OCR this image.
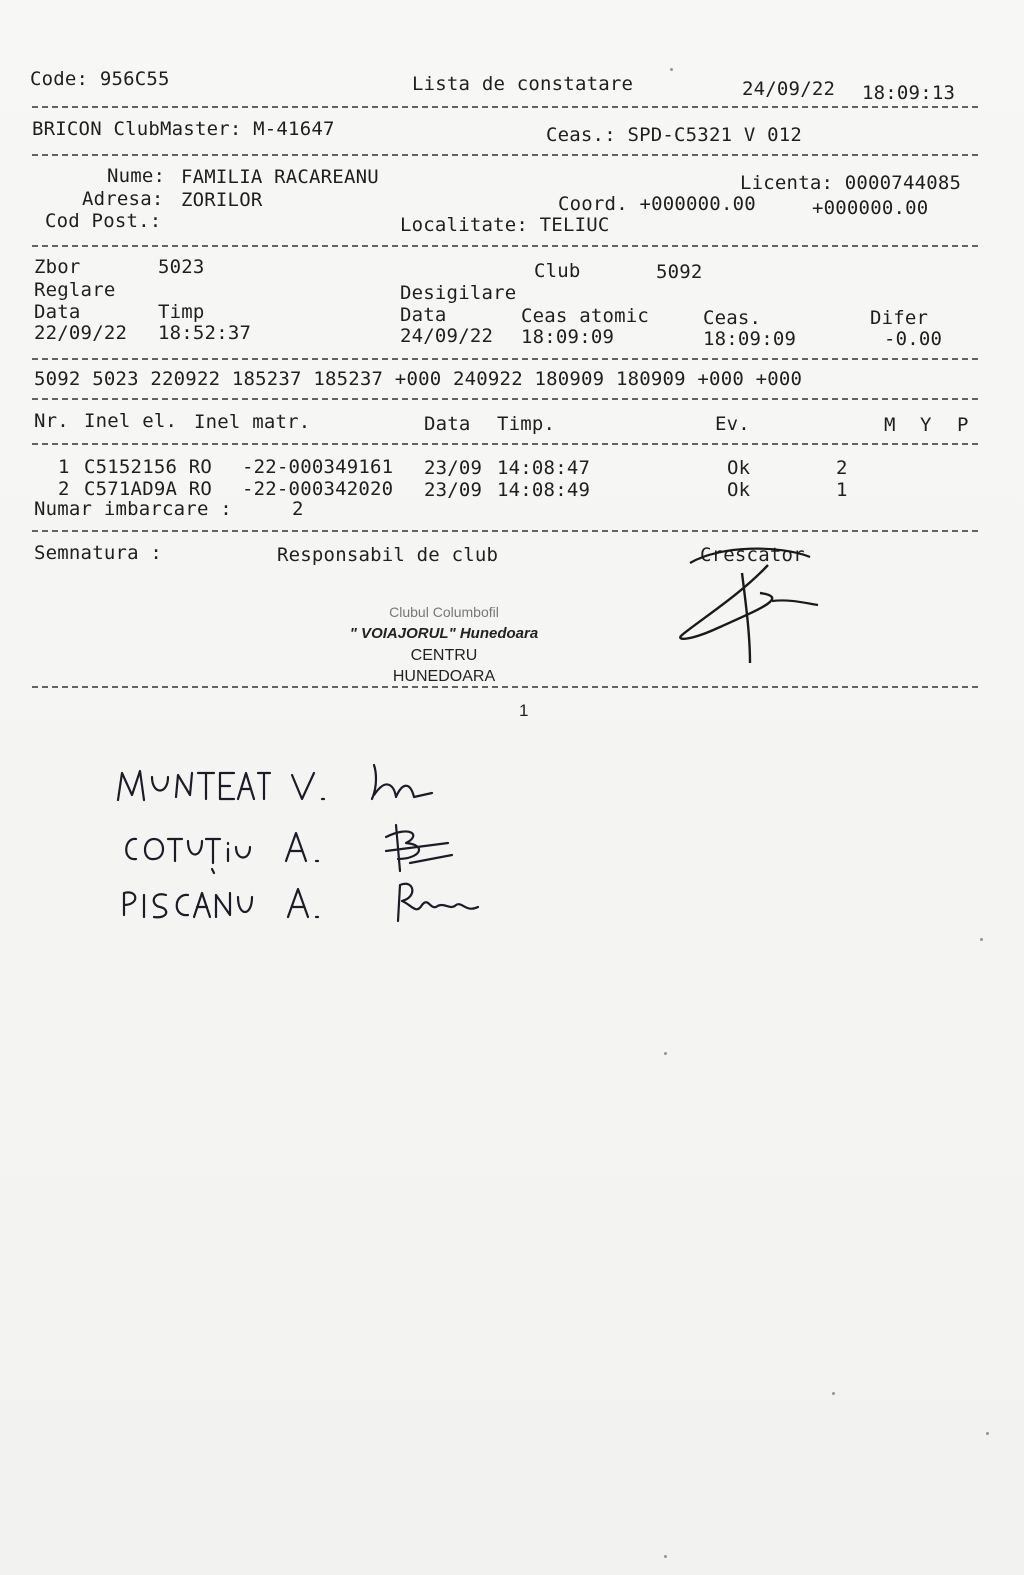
Code: 956C55	Lista de constatare	24/09/22 18:09:13
BRICON ClubMaster: M-41647	Ceas.: SPD-C5321 V 012
Nume: FAMILIA RACAREANU	Licenta: 0000744085
Adresa: ZORILOR	Coord. +000000.00	+000000.00
Cod Post.:	Localitate: TELIUC
Zbor	5023	Club	5092
Reglare	Desigilare
Data	Timp	Data	Ceas atomic	Ceas.	Difer
22/09/22 18:52:37	24/09/22 18:09:09	18:09:09	-0.00
5092 5023 220922 185237 185237 +000 240922 180909 180909 +000 +000
Nr. Inel el. Inel matr.	Data Timp.	Ev.	M Y P
1 C5152156 RO -22-000349161 23/09 14:08:47	Ok	2
2 C571AD9A RO -22-000342020 23/09 14:08:49	Ok	1
Numar imbarcare :	2
Semnatura :	Responsabil de club	Crescator
Clubul Columbofil
" VOIAJORUL" Hunedoara
CENTRU
HUNEDOARA
1
